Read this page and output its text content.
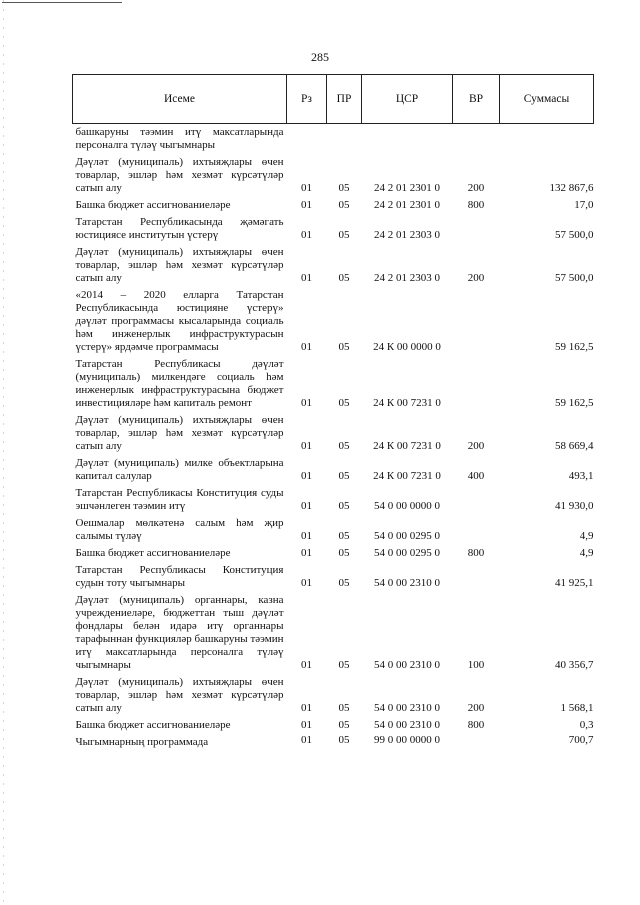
285
Исеме	Рз	ПР	ЦСР	ВР	Суммасы
башкаруны тәэмин итү максатларында персоналга түләү чыгымнары					
Дәүләт (муниципаль) ихтыяҗлары өчен товарлар, эшләр һәм хезмәт күрсәтүләр сатып алу	01	05	24 2 01 2301 0	200	132 867,6
Башка бюджет ассигнованиеләре	01	05	24 2 01 2301 0	800	17,0
Татарстан Республикасында җәмәгать юстициясе институтын үстерү	01	05	24 2 01 2303 0		57 500,0
Дәүләт (муниципаль) ихтыяҗлары өчен товарлар, эшләр һәм хезмәт күрсәтүләр сатып алу	01	05	24 2 01 2303 0	200	57 500,0
«2014 – 2020 елларга Татарстан Республикасында юстицияне үстерү» дәүләт программасы кысаларында социаль һәм инженерлык инфраструктурасын үстерү» ярдәмче программасы	01	05	24 К 00 0000 0		59 162,5
Татарстан Республикасы дәүләт (муниципаль) милкендәге социаль һәм инженерлык инфраструктурасына бюджет инвестицияләре һәм капиталь ремонт	01	05	24 К 00 7231 0		59 162,5
Дәүләт (муниципаль) ихтыяҗлары өчен товарлар, эшләр һәм хезмәт күрсәтүләр сатып алу	01	05	24 К 00 7231 0	200	58 669,4
Дәүләт (муниципаль) милке объектларына капитал салулар	01	05	24 К 00 7231 0	400	493,1
Татарстан Республикасы Конституция суды эшчәнлеген тәэмин итү	01	05	54 0 00 0000 0		41 930,0
Оешмалар мөлкәтенә салым һәм җир салымы түләү	01	05	54 0 00 0295 0		4,9
Башка бюджет ассигнованиеләре	01	05	54 0 00 0295 0	800	4,9
Татарстан Республикасы Конституция судын тоту чыгымнары	01	05	54 0 00 2310 0		41 925,1
Дәүләт (муниципаль) органнары, казна учреждениеләре, бюджеттан тыш дәүләт фондлары белән идарә итү органнары тарафыннан функцияләр башкаруны тәэмин итү максатларында персоналга түләү чыгымнары	01	05	54 0 00 2310 0	100	40 356,7
Дәүләт (муниципаль) ихтыяҗлары өчен товарлар, эшләр һәм хезмәт күрсәтүләр сатып алу	01	05	54 0 00 2310 0	200	1 568,1
Башка бюджет ассигнованиеләре	01	05	54 0 00 2310 0	800	0,3
Чыгымнарның программада	01	05	99 0 00 0000 0		700,7
